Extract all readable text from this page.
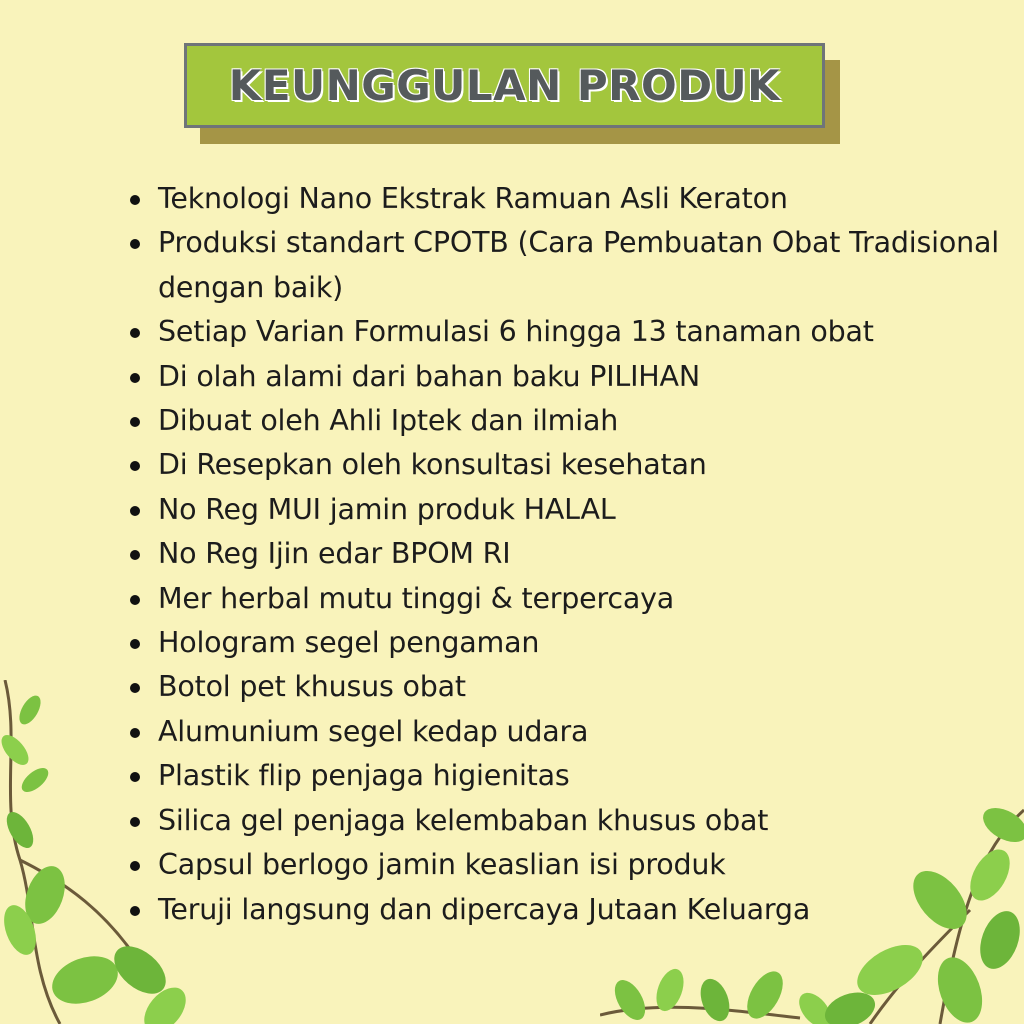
KEUNGGULAN PRODUK
Teknologi Nano Ekstrak Ramuan Asli Keraton
Produksi standart CPOTB (Cara Pembuatan Obat Tradisional dengan baik)
Setiap Varian Formulasi 6 hingga 13 tanaman obat
Di olah alami dari bahan baku PILIHAN
Dibuat oleh Ahli Iptek dan ilmiah
Di Resepkan oleh konsultasi kesehatan
No Reg MUI jamin produk HALAL
No Reg Ijin edar BPOM RI
Mer herbal mutu tinggi & terpercaya
Hologram segel pengaman
Botol pet khusus obat
Alumunium segel kedap udara
Plastik flip penjaga higienitas
Silica gel penjaga kelembaban khusus obat
Capsul berlogo jamin keaslian isi produk
Teruji langsung dan dipercaya Jutaan Keluarga
